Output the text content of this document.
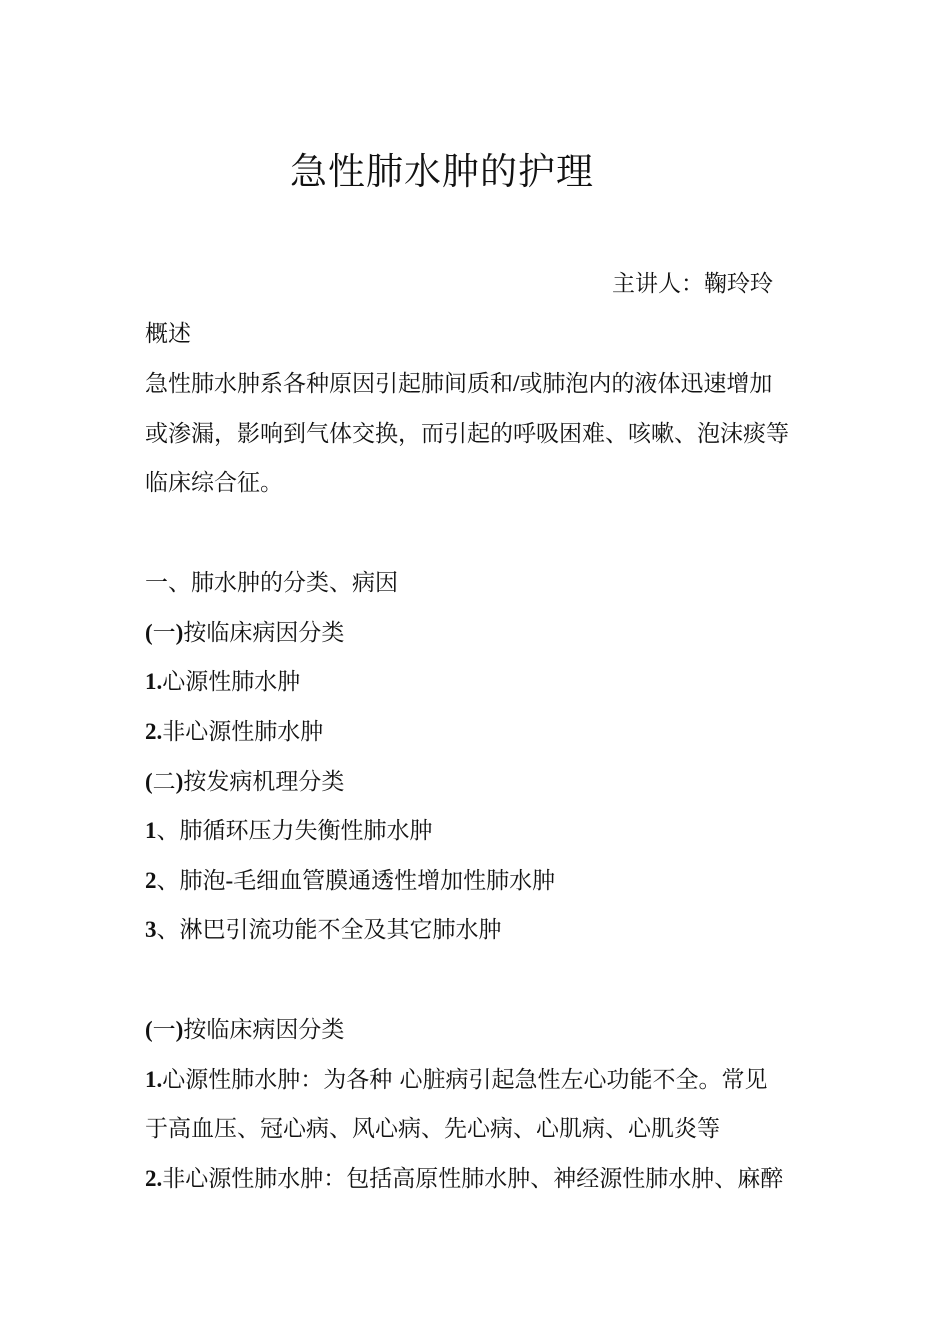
急性肺水肿的护理
主讲人：鞠玲玲
概述
急性肺水肿系各种原因引起肺间质和/或肺泡内的液体迅速增加
或渗漏，影响到气体交换，而引起的呼吸困难、咳嗽、泡沫痰等
临床综合征。
一、肺水肿的分类、病因
(一)按临床病因分类
1.心源性肺水肿
2.非心源性肺水肿
(二)按发病机理分类
1、肺循环压力失衡性肺水肿
2、肺泡-毛细血管膜通透性增加性肺水肿
3、淋巴引流功能不全及其它肺水肿
(一)按临床病因分类
1.心源性肺水肿：为各种 心脏病引起急性左心功能不全。常见
于高血压、冠心病、风心病、先心病、心肌病、心肌炎等
2.非心源性肺水肿：包括高原性肺水肿、神经源性肺水肿、麻醉
